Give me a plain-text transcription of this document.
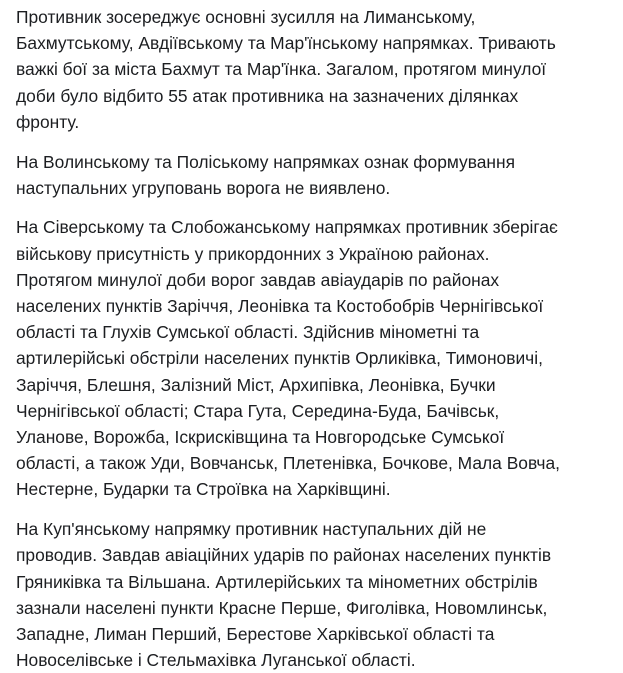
Противник зосереджує основні зусилля на Лиманському,
Бахмутському, Авдіївському та Мар'їнському напрямках. Тривають
важкі бої за міста Бахмут та Мар'їнка. Загалом, протягом минулої
доби було відбито 55 атак противника на зазначених ділянках
фронту.

На Волинському та Поліському напрямках ознак формування
наступальних угруповань ворога не виявлено.

На Сіверському та Слобожанському напрямках противник зберігає
військову присутність у прикордонних з Україною районах.
Протягом минулої доби ворог завдав авіаударів по районах
населених пунктів Заріччя, Леонівка та Костобобрів Чернігівської
області та Глухів Сумської області. Здійснив мінометні та
артилерійські обстріли населених пунктів Орликівка, Тимоновичі,
Заріччя, Блешня, Залізний Міст, Архипівка, Леонівка, Бучки
Чернігівської області; Стара Гута, Середина-Буда, Бачівськ,
Уланове, Ворожба, Іскрисківщина та Новгородське Сумської
області, а також Уди, Вовчанськ, Плетенівка, Бочкове, Мала Вовча,
Нестерне, Бударки та Строївка на Харківщині.

На Куп'янському напрямку противник наступальних дій не
проводив. Завдав авіаційних ударів по районах населених пунктів
Гряниківка та Вільшана. Артилерійських та мінометних обстрілів
зазнали населені пункти Красне Перше, Фиголівка, Новомлинськ,
Западне, Лиман Перший, Берестове Харківської області та
Новоселівське і Стельмахівка Луганської області.
